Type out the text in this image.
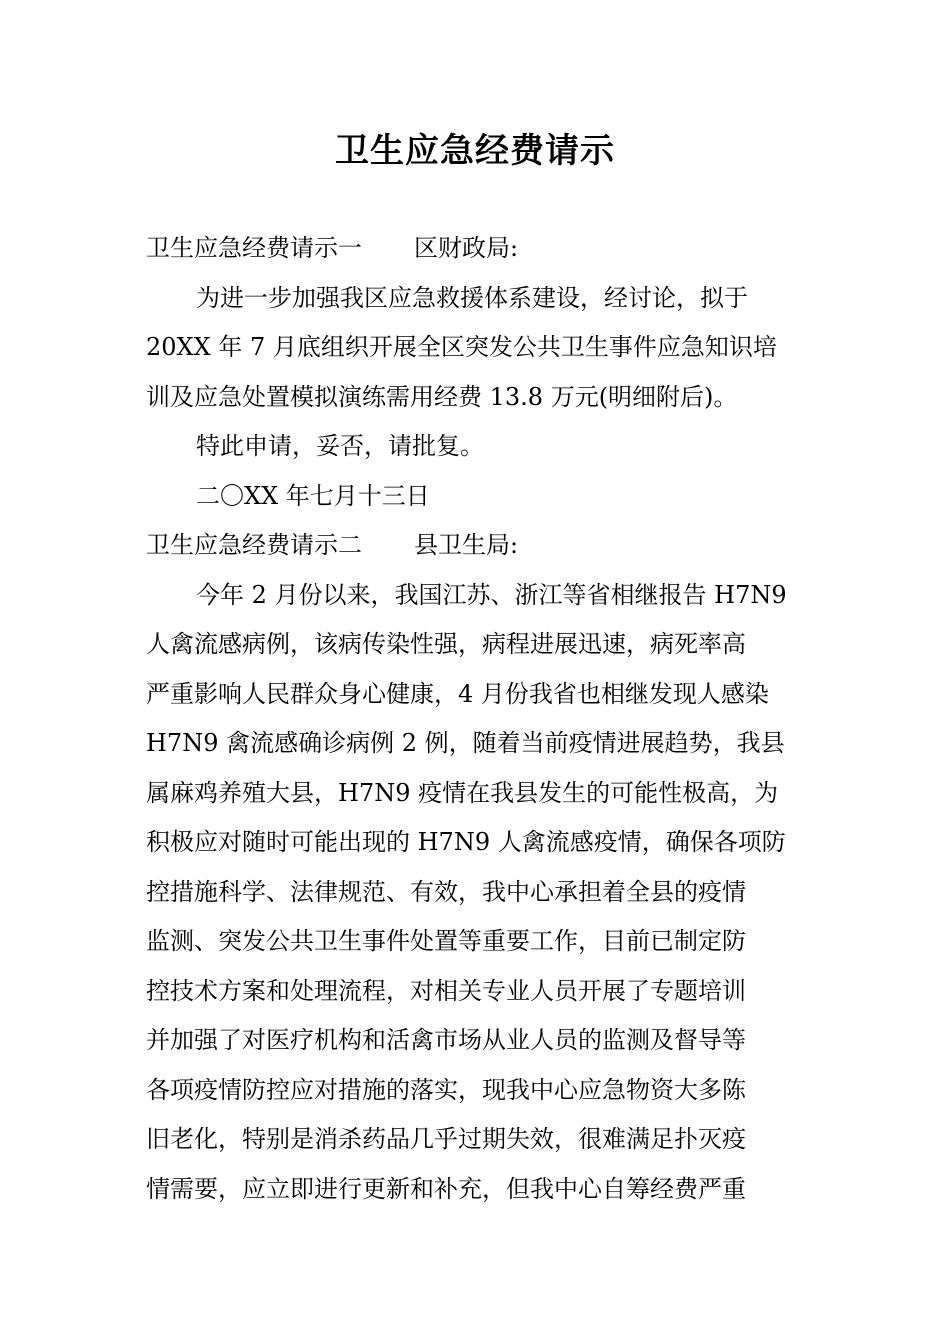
卫生应急经费请示
卫生应急经费请示一 区财政局:
为进一步加强我区应急救援体系建设，经讨论，拟于
20XX 年 7 月底组织开展全区突发公共卫生事件应急知识培
训及应急处置模拟演练需用经费 13.8 万元(明细附后)。
特此申请，妥否，请批复。
二〇XX 年七月十三日
卫生应急经费请示二 县卫生局:
今年 2 月份以来，我国江苏、浙江等省相继报告 H7N9
人禽流感病例，该病传染性强，病程进展迅速，病死率高
严重影响人民群众身心健康，4 月份我省也相继发现人感染
H7N9 禽流感确诊病例 2 例，随着当前疫情进展趋势，我县
属麻鸡养殖大县，H7N9 疫情在我县发生的可能性极高，为
积极应对随时可能出现的 H7N9 人禽流感疫情，确保各项防
控措施科学、法律规范、有效，我中心承担着全县的疫情
监测、突发公共卫生事件处置等重要工作，目前已制定防
控技术方案和处理流程，对相关专业人员开展了专题培训
并加强了对医疗机构和活禽市场从业人员的监测及督导等
各项疫情防控应对措施的落实，现我中心应急物资大多陈
旧老化，特别是消杀药品几乎过期失效，很难满足扑灭疫
情需要，应立即进行更新和补充，但我中心自筹经费严重
